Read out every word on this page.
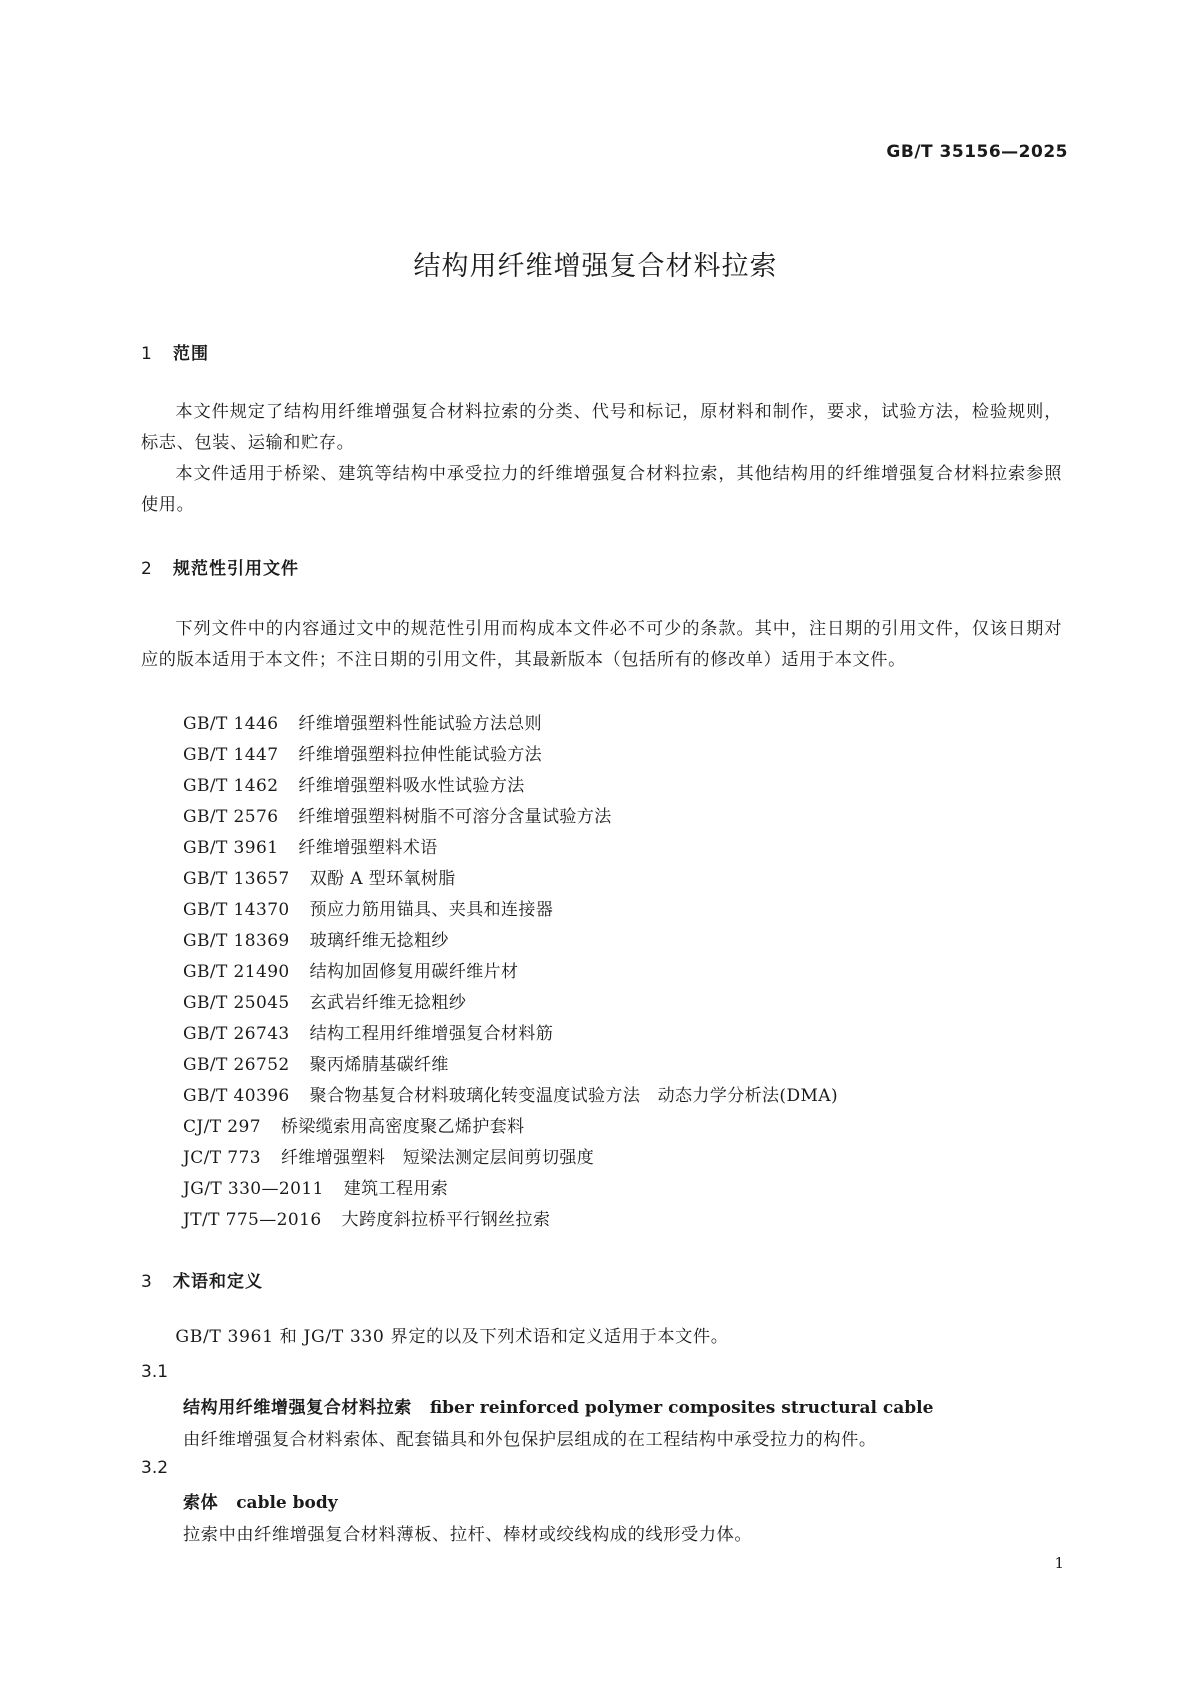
GB/T 35156—2025
结构用纤维增强复合材料拉索
1 范围

本文件规定了结构用纤维增强复合材料拉索的分类、代号和标记，原材料和制作，要求，试验方法，检验规则，标志、包装、运输和贮存。

本文件适用于桥梁、建筑等结构中承受拉力的纤维增强复合材料拉索，其他结构用的纤维增强复合材料拉索参照使用。

2 规范性引用文件

下列文件中的内容通过文中的规范性引用而构成本文件必不可少的条款。其中，注日期的引用文件，仅该日期对应的版本适用于本文件；不注日期的引用文件，其最新版本（包括所有的修改单）适用于本文件。

GB/T 1446 纤维增强塑料性能试验方法总则
GB/T 1447 纤维增强塑料拉伸性能试验方法
GB/T 1462 纤维增强塑料吸水性试验方法
GB/T 2576 纤维增强塑料树脂不可溶分含量试验方法
GB/T 3961 纤维增强塑料术语
GB/T 13657 双酚 A 型环氧树脂
GB/T 14370 预应力筋用锚具、夹具和连接器
GB/T 18369 玻璃纤维无捻粗纱
GB/T 21490 结构加固修复用碳纤维片材
GB/T 25045 玄武岩纤维无捻粗纱
GB/T 26743 结构工程用纤维增强复合材料筋
GB/T 26752 聚丙烯腈基碳纤维
GB/T 40396 聚合物基复合材料玻璃化转变温度试验方法　动态力学分析法(DMA)
CJ/T 297 桥梁缆索用高密度聚乙烯护套料
JC/T 773 纤维增强塑料　短梁法测定层间剪切强度
JG/T 330—2011 建筑工程用索
JT/T 775—2016 大跨度斜拉桥平行钢丝拉索
3 术语和定义

GB/T 3961 和 JG/T 330 界定的以及下列术语和定义适用于本文件。

3.1
结构用纤维增强复合材料拉索 fiber reinforced polymer composites structural cable
由纤维增强复合材料索体、配套锚具和外包保护层组成的在工程结构中承受拉力的构件。
3.2
索体 cable body
拉索中由纤维增强复合材料薄板、拉杆、棒材或绞线构成的线形受力体。
1
